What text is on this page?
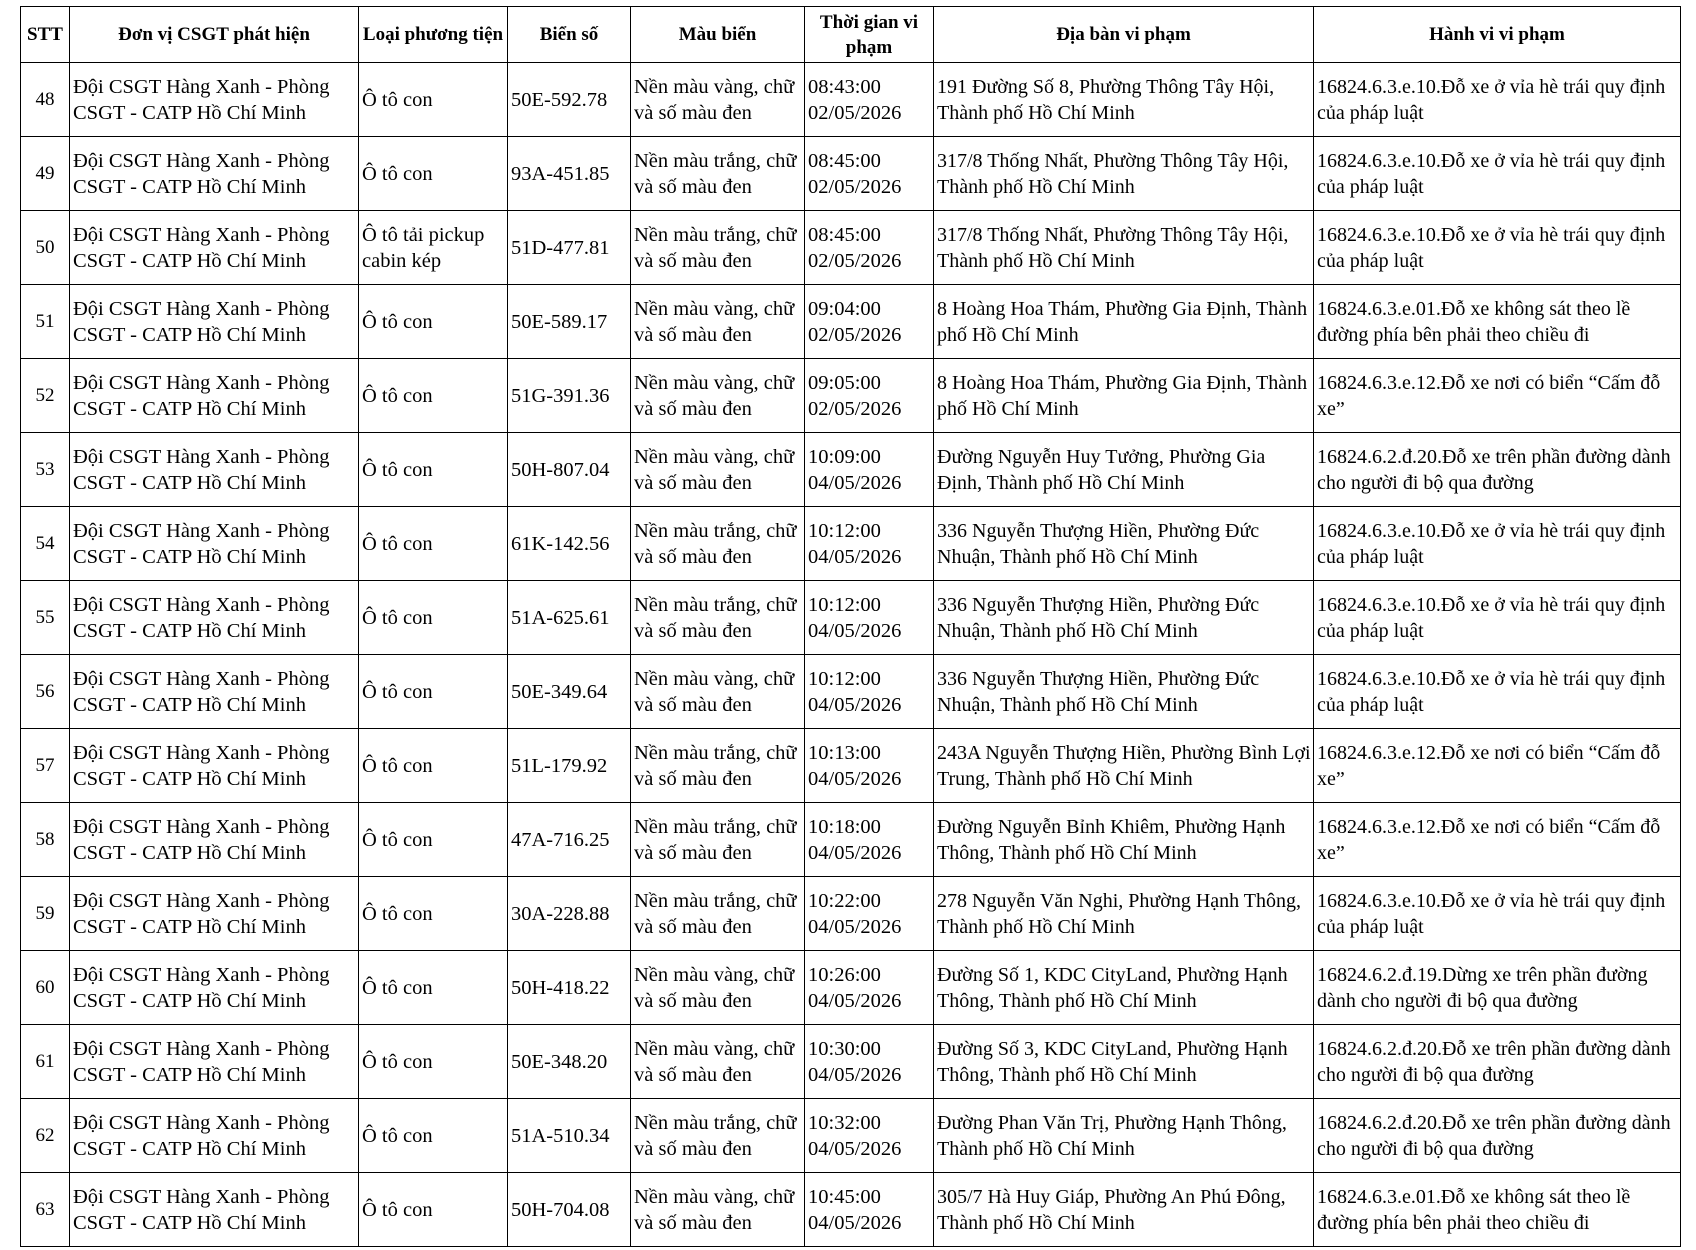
STT	Đơn vị CSGT phát hiện	Loại phương tiện	Biển số	Màu biển	Thời gian vi phạm	Địa bàn vi phạm	Hành vi vi phạm
48	Đội CSGT Hàng Xanh - Phòng CSGT - CATP Hồ Chí Minh	Ô tô con	50E-592.78	Nền màu vàng, chữ và số màu đen	08:43:00 02/05/2026	191 Đường Số 8, Phường Thông Tây Hội, Thành phố Hồ Chí Minh	16824.6.3.e.10.Đỗ xe ở vỉa hè trái quy định của pháp luật
49	Đội CSGT Hàng Xanh - Phòng CSGT - CATP Hồ Chí Minh	Ô tô con	93A-451.85	Nền màu trắng, chữ và số màu đen	08:45:00 02/05/2026	317/8 Thống Nhất, Phường Thông Tây Hội, Thành phố Hồ Chí Minh	16824.6.3.e.10.Đỗ xe ở vỉa hè trái quy định của pháp luật
50	Đội CSGT Hàng Xanh - Phòng CSGT - CATP Hồ Chí Minh	Ô tô tải pickup cabin kép	51D-477.81	Nền màu trắng, chữ và số màu đen	08:45:00 02/05/2026	317/8 Thống Nhất, Phường Thông Tây Hội, Thành phố Hồ Chí Minh	16824.6.3.e.10.Đỗ xe ở vỉa hè trái quy định của pháp luật
51	Đội CSGT Hàng Xanh - Phòng CSGT - CATP Hồ Chí Minh	Ô tô con	50E-589.17	Nền màu vàng, chữ và số màu đen	09:04:00 02/05/2026	8 Hoàng Hoa Thám, Phường Gia Định, Thành phố Hồ Chí Minh	16824.6.3.e.01.Đỗ xe không sát theo lề đường phía bên phải theo chiều đi
52	Đội CSGT Hàng Xanh - Phòng CSGT - CATP Hồ Chí Minh	Ô tô con	51G-391.36	Nền màu vàng, chữ và số màu đen	09:05:00 02/05/2026	8 Hoàng Hoa Thám, Phường Gia Định, Thành phố Hồ Chí Minh	16824.6.3.e.12.Đỗ xe nơi có biển “Cấm đỗ xe”
53	Đội CSGT Hàng Xanh - Phòng CSGT - CATP Hồ Chí Minh	Ô tô con	50H-807.04	Nền màu vàng, chữ và số màu đen	10:09:00 04/05/2026	Đường Nguyễn Huy Tưởng, Phường Gia Định, Thành phố Hồ Chí Minh	16824.6.2.đ.20.Đỗ xe trên phần đường dành cho người đi bộ qua đường
54	Đội CSGT Hàng Xanh - Phòng CSGT - CATP Hồ Chí Minh	Ô tô con	61K-142.56	Nền màu trắng, chữ và số màu đen	10:12:00 04/05/2026	336 Nguyễn Thượng Hiền, Phường Đức Nhuận, Thành phố Hồ Chí Minh	16824.6.3.e.10.Đỗ xe ở vỉa hè trái quy định của pháp luật
55	Đội CSGT Hàng Xanh - Phòng CSGT - CATP Hồ Chí Minh	Ô tô con	51A-625.61	Nền màu trắng, chữ và số màu đen	10:12:00 04/05/2026	336 Nguyễn Thượng Hiền, Phường Đức Nhuận, Thành phố Hồ Chí Minh	16824.6.3.e.10.Đỗ xe ở vỉa hè trái quy định của pháp luật
56	Đội CSGT Hàng Xanh - Phòng CSGT - CATP Hồ Chí Minh	Ô tô con	50E-349.64	Nền màu vàng, chữ và số màu đen	10:12:00 04/05/2026	336 Nguyễn Thượng Hiền, Phường Đức Nhuận, Thành phố Hồ Chí Minh	16824.6.3.e.10.Đỗ xe ở vỉa hè trái quy định của pháp luật
57	Đội CSGT Hàng Xanh - Phòng CSGT - CATP Hồ Chí Minh	Ô tô con	51L-179.92	Nền màu trắng, chữ và số màu đen	10:13:00 04/05/2026	243A Nguyễn Thượng Hiền, Phường Bình Lợi Trung, Thành phố Hồ Chí Minh	16824.6.3.e.12.Đỗ xe nơi có biển “Cấm đỗ xe”
58	Đội CSGT Hàng Xanh - Phòng CSGT - CATP Hồ Chí Minh	Ô tô con	47A-716.25	Nền màu trắng, chữ và số màu đen	10:18:00 04/05/2026	Đường Nguyễn Bỉnh Khiêm, Phường Hạnh Thông, Thành phố Hồ Chí Minh	16824.6.3.e.12.Đỗ xe nơi có biển “Cấm đỗ xe”
59	Đội CSGT Hàng Xanh - Phòng CSGT - CATP Hồ Chí Minh	Ô tô con	30A-228.88	Nền màu trắng, chữ và số màu đen	10:22:00 04/05/2026	278 Nguyễn Văn Nghi, Phường Hạnh Thông, Thành phố Hồ Chí Minh	16824.6.3.e.10.Đỗ xe ở vỉa hè trái quy định của pháp luật
60	Đội CSGT Hàng Xanh - Phòng CSGT - CATP Hồ Chí Minh	Ô tô con	50H-418.22	Nền màu vàng, chữ và số màu đen	10:26:00 04/05/2026	Đường Số 1, KDC CityLand, Phường Hạnh Thông, Thành phố Hồ Chí Minh	16824.6.2.đ.19.Dừng xe trên phần đường dành cho người đi bộ qua đường
61	Đội CSGT Hàng Xanh - Phòng CSGT - CATP Hồ Chí Minh	Ô tô con	50E-348.20	Nền màu vàng, chữ và số màu đen	10:30:00 04/05/2026	Đường Số 3, KDC CityLand, Phường Hạnh Thông, Thành phố Hồ Chí Minh	16824.6.2.đ.20.Đỗ xe trên phần đường dành cho người đi bộ qua đường
62	Đội CSGT Hàng Xanh - Phòng CSGT - CATP Hồ Chí Minh	Ô tô con	51A-510.34	Nền màu trắng, chữ và số màu đen	10:32:00 04/05/2026	Đường Phan Văn Trị, Phường Hạnh Thông, Thành phố Hồ Chí Minh	16824.6.2.đ.20.Đỗ xe trên phần đường dành cho người đi bộ qua đường
63	Đội CSGT Hàng Xanh - Phòng CSGT - CATP Hồ Chí Minh	Ô tô con	50H-704.08	Nền màu vàng, chữ và số màu đen	10:45:00 04/05/2026	305/7 Hà Huy Giáp, Phường An Phú Đông, Thành phố Hồ Chí Minh	16824.6.3.e.01.Đỗ xe không sát theo lề đường phía bên phải theo chiều đi
